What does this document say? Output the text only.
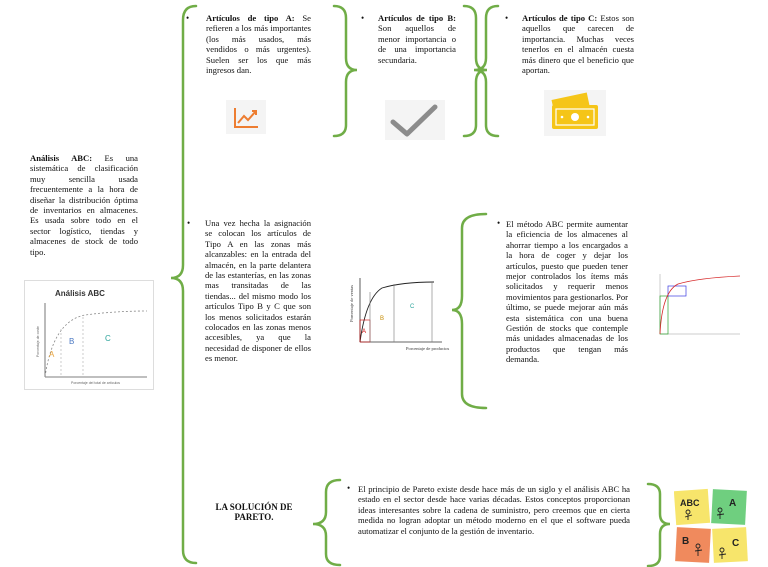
Análisis ABC: Es una sistemática de clasificación muy sencilla usada frecuentemente a la hora de diseñar la distribución óptima de inventarios en almacenes. Es usada sobre todo en el sector logístico, tiendas y almacenes de stock de todo tipo.
Análisis ABC
A
B	C
Porcentaje de coste
Porcentaje del total de artículos
• Artículos de tipo A: Se refieren a los más importantes (los más usados, más vendidos o más urgentes). Suelen ser los que más ingresos dan.
• Artículos de tipo B: Son aquellos de menor importancia o de una importancia secundaria.
• Artículos de tipo C: Estos son aquellos que carecen de importancia. Muchas veces tenerlos en el almacén cuesta más dinero que el beneficio que aportan.
• Una vez hecha la asignación se colocan los artículos de Tipo A en las zonas más alcanzables: en la entrada del almacén, en la parte delantera de las estanterías, en las zonas mas transitadas de las tiendas... del mismo modo los artículos Tipo B y C que son los menos solicitados estarán colocados en las zonas menos accesibles, ya que la necesidad de disponer de ellos es menor.
A
B
C
Porcentaje de ventas
Porcentaje de productos
• El método ABC permite aumentar la eficiencia de los almacenes al ahorrar tiempo a los encargados a la hora de coger y dejar los artículos, puesto que pueden tener mejor controlados los ítems más solicitados y requerir menos movimientos para gestionarlos. Por último, se puede mejorar aún más esta sistemática con una buena Gestión de stocks que contemple más unidades almacenadas de los productos que tengan más demanda.
LA SOLUCIÓN DE PARETO.
• El principio de Pareto existe desde hace más de un siglo y el análisis ABC ha estado en el sector desde hace varias décadas. Estos conceptos proporcionan ideas interesantes sobre la cadena de suministro, pero creemos que en cierta medida no logran adoptar un método moderno en el que el software pueda automatizar el conjunto de la gestión de inventario.
ABC	A
B	C
